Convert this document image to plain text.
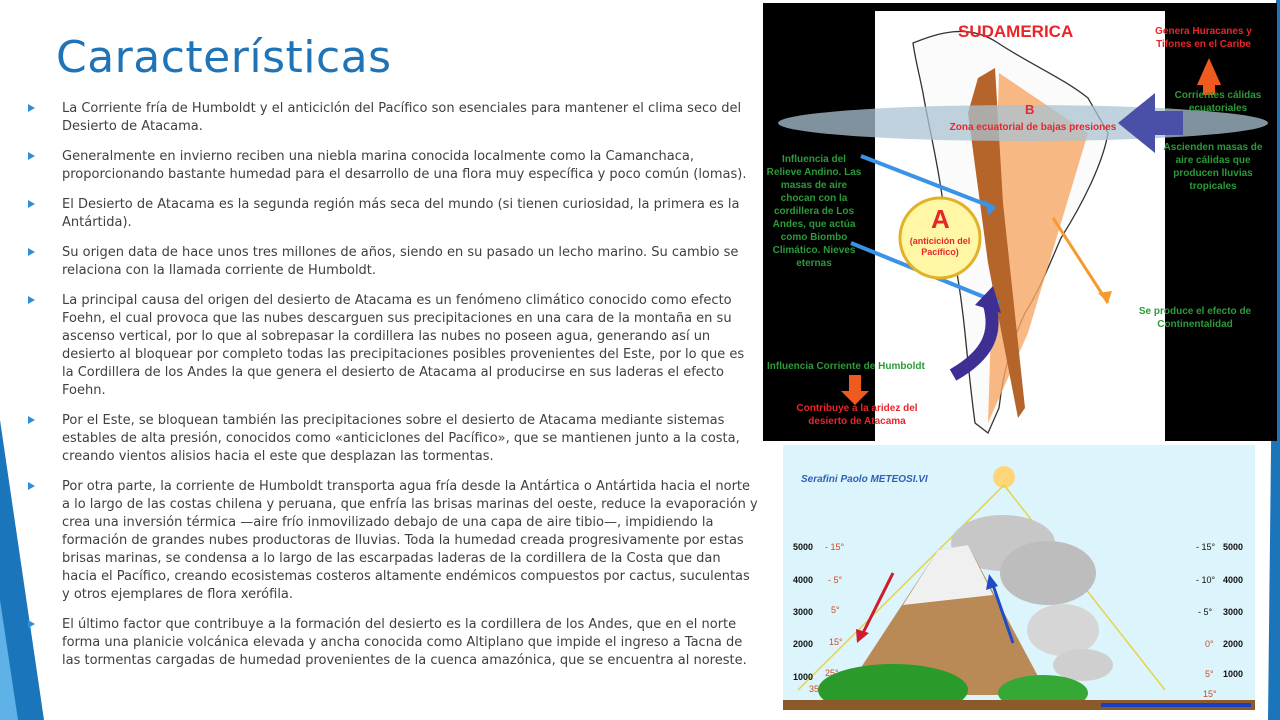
Características
La Corriente fría de Humboldt y el anticiclón del Pacífico son esenciales para mantener el clima seco del Desierto de Atacama.
Generalmente en invierno reciben una niebla marina conocida localmente como la Camanchaca, proporcionando bastante humedad para el desarrollo de una flora muy específica y poco común (lomas).
El Desierto de Atacama es la segunda región más seca del mundo (si tienen curiosidad, la primera es la Antártida).
Su origen data de hace unos tres millones de años, siendo en su pasado un lecho marino. Su cambio se relaciona con la llamada corriente de Humboldt.
La principal causa del origen del desierto de Atacama es un fenómeno climático conocido como efecto Foehn, el cual provoca que las nubes descarguen sus precipitaciones en una cara de la montaña en su ascenso vertical, por lo que al sobrepasar la cordillera las nubes no poseen agua, generando así un desierto al bloquear por completo todas las precipitaciones posibles provenientes del Este, por lo que es la Cordillera de los Andes la que genera el desierto de Atacama al producirse en sus laderas el efecto Foehn.
Por el Este, se bloquean también las precipitaciones sobre el desierto de Atacama mediante sistemas estables de alta presión, conocidos como «anticiclones del Pacífico», que se mantienen junto a la costa, creando vientos alisios hacia el este que desplazan las tormentas.
Por otra parte, la corriente de Humboldt transporta agua fría desde la Antártica o Antártida hacia el norte a lo largo de las costas chilena y peruana, que enfría las brisas marinas del oeste, reduce la evaporación y crea una inversión térmica —aire frío inmovilizado debajo de una capa de aire tibio—, impidiendo la formación de grandes nubes productoras de lluvias. Toda la humedad creada progresivamente por estas brisas marinas, se condensa a lo largo de las escarpadas laderas de la cordillera de la Costa que dan hacia el Pacífico, creando ecosistemas costeros altamente endémicos compuestos por cactus, suculentas y otros ejemplares de flora xerófila.
El último factor que contribuye a la formación del desierto es la cordillera de los Andes, que en el norte forma una planicie volcánica elevada y ancha conocida como Altiplano que impide el ingreso a Tacna de las tormentas cargadas de humedad provenientes de la cuenca amazónica, que se encuentra al noreste.
SUDAMERICA	Genera Huracanes y Tifones en el Caribe
Corrientes cálidas ecuatoriales
B
Zona ecuatorial de bajas presiones
Ascienden masas de aire cálidas que producen lluvias tropicales
Influencia del Relieve Andino. Las masas de aire chocan con la cordillera de Los Andes, que actúa como Biombo Climático. Nieves eternas
A
(anticición del Pacífico)
Se produce el efecto de Continentalidad
Influencia Corriente de Humboldt
Contribuye a la aridez del desierto de Atacama
Serafini Paolo METEOSI.VI
5000
4000
3000
2000
1000
- 15°
- 5°
5°
15°
25°
35°
- 15°
- 10°
- 5°
0°
5°
15°
5000
4000
3000
2000
1000
